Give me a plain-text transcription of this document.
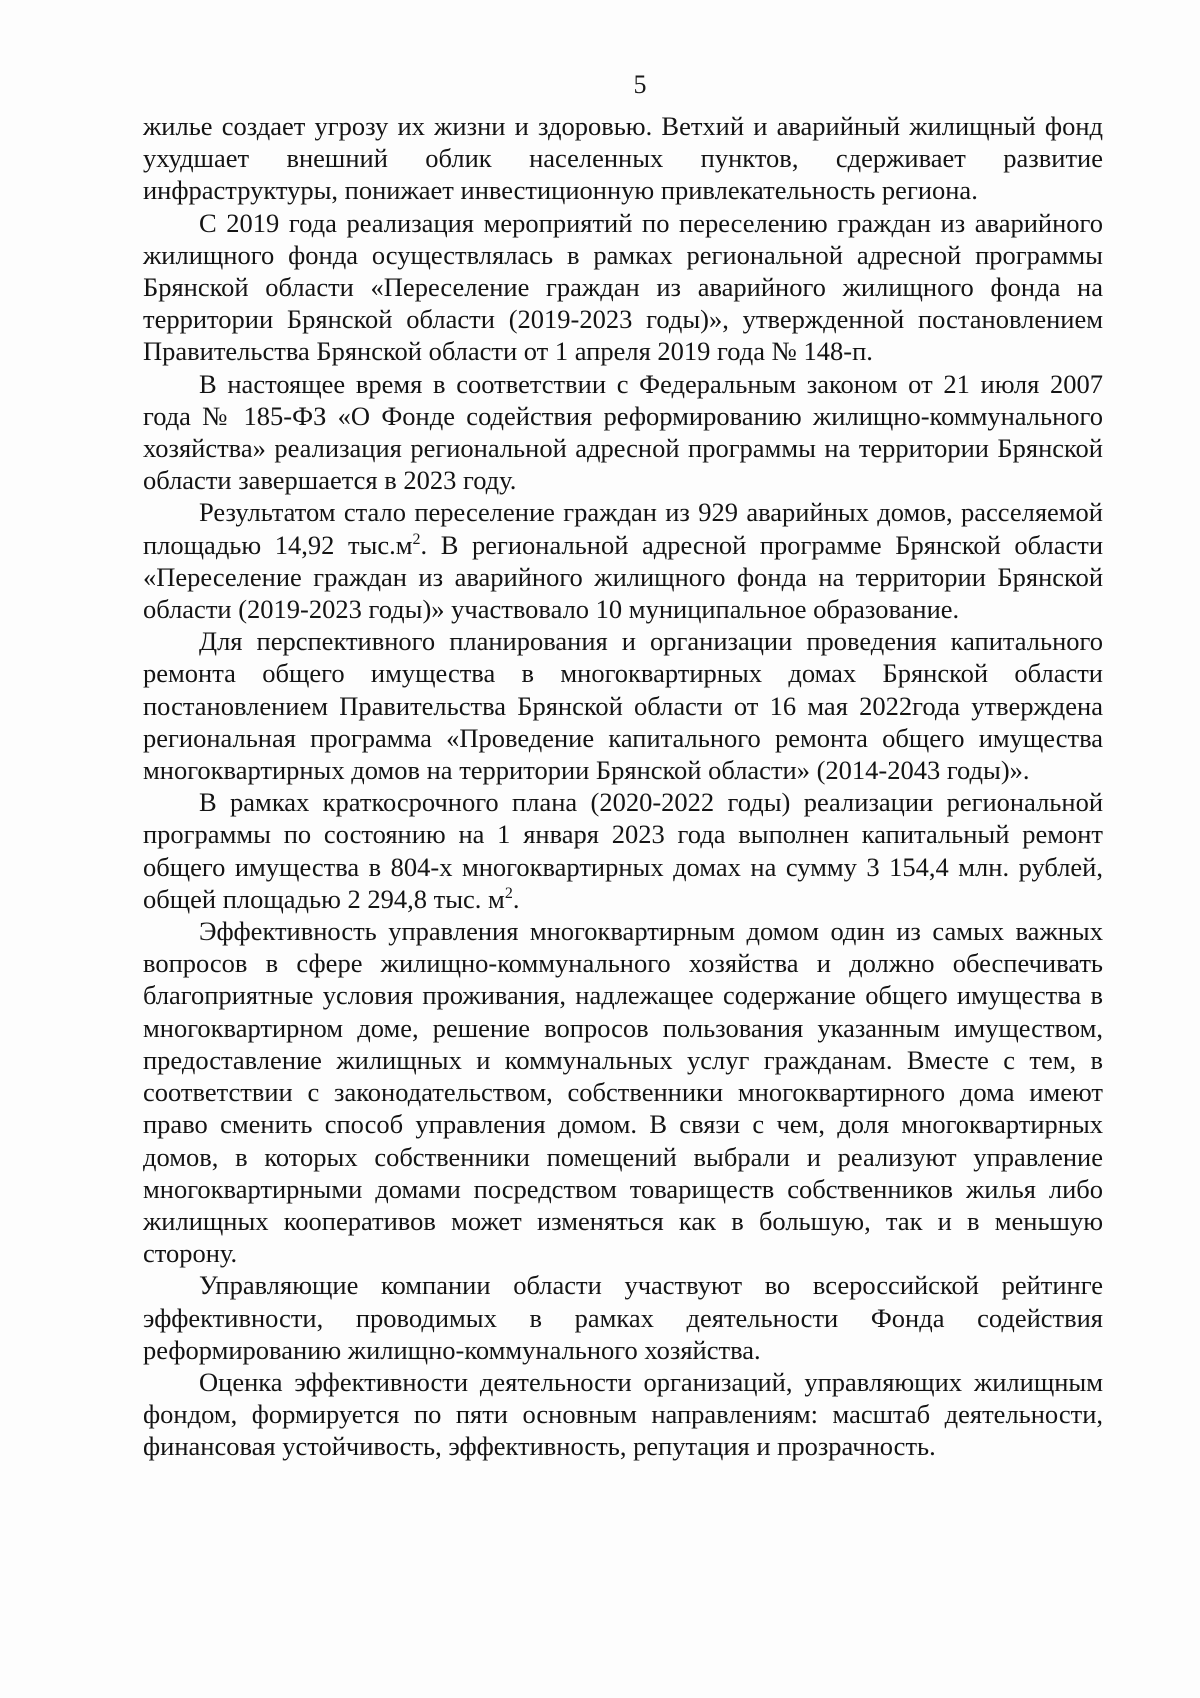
5

жилье создает угрозу их жизни и здоровью. Ветхий и аварийный жилищный фонд ухудшает внешний облик населенных пунктов, сдерживает развитие инфраструктуры, понижает инвестиционную привлекательность региона.

С 2019 года реализация мероприятий по переселению граждан из аварийного жилищного фонда осуществлялась в рамках региональной адресной программы Брянской области «Переселение граждан из аварийного жилищного фонда на территории Брянской области (2019-2023 годы)», утвержденной постановлением Правительства Брянской области от 1 апреля 2019 года № 148-п.

В настоящее время в соответствии с Федеральным законом от 21 июля 2007 года № 185-ФЗ «О Фонде содействия реформированию жилищно-коммунального хозяйства» реализация региональной адресной программы на территории Брянской области завершается в 2023 году.

Результатом стало переселение граждан из 929 аварийных домов, расселяемой площадью 14,92 $тыс.м^2$. В региональной адресной программе Брянской области «Переселение граждан из аварийного жилищного фонда на территории Брянской области (2019-2023 годы)» участвовало 10 муниципальное образование.

Для перспективного планирования и организации проведения капитального ремонта общего имущества в многоквартирных домах Брянской области постановлением Правительства Брянской области от 16 мая 2022года утверждена региональная программа «Проведение капитального ремонта общего имущества многоквартирных домов на территории Брянской области» (2014-2043 годы)».

В рамках краткосрочного плана (2020-2022 годы) реализации региональной программы по состоянию на 1 января 2023 года выполнен капитальный ремонт общего имущества в 804-х многоквартирных домах на сумму 3 154,4 млн. рублей, общей площадью 2 294,8 тыс. $м^2$.

Эффективность управления многоквартирным домом один из самых важных вопросов в сфере жилищно-коммунального хозяйства и должно обеспечивать благоприятные условия проживания, надлежащее содержание общего имущества в многоквартирном доме, решение вопросов пользования указанным имуществом, предоставление жилищных и коммунальных услуг гражданам. Вместе с тем, в соответствии с законодательством, собственники многоквартирного дома имеют право сменить способ управления домом. В связи с чем, доля многоквартирных домов, в которых собственники помещений выбрали и реализуют управление многоквартирными домами посредством товариществ собственников жилья либо жилищных кооперативов может изменяться как в большую, так и в меньшую сторону.

Управляющие компании области участвуют во всероссийской рейтинге эффективности, проводимых в рамках деятельности Фонда содействия реформированию жилищно-коммунального хозяйства.

Оценка эффективности деятельности организаций, управляющих жилищным фондом, формируется по пяти основным направлениям: масштаб деятельности, финансовая устойчивость, эффективность, репутация и прозрачность.
